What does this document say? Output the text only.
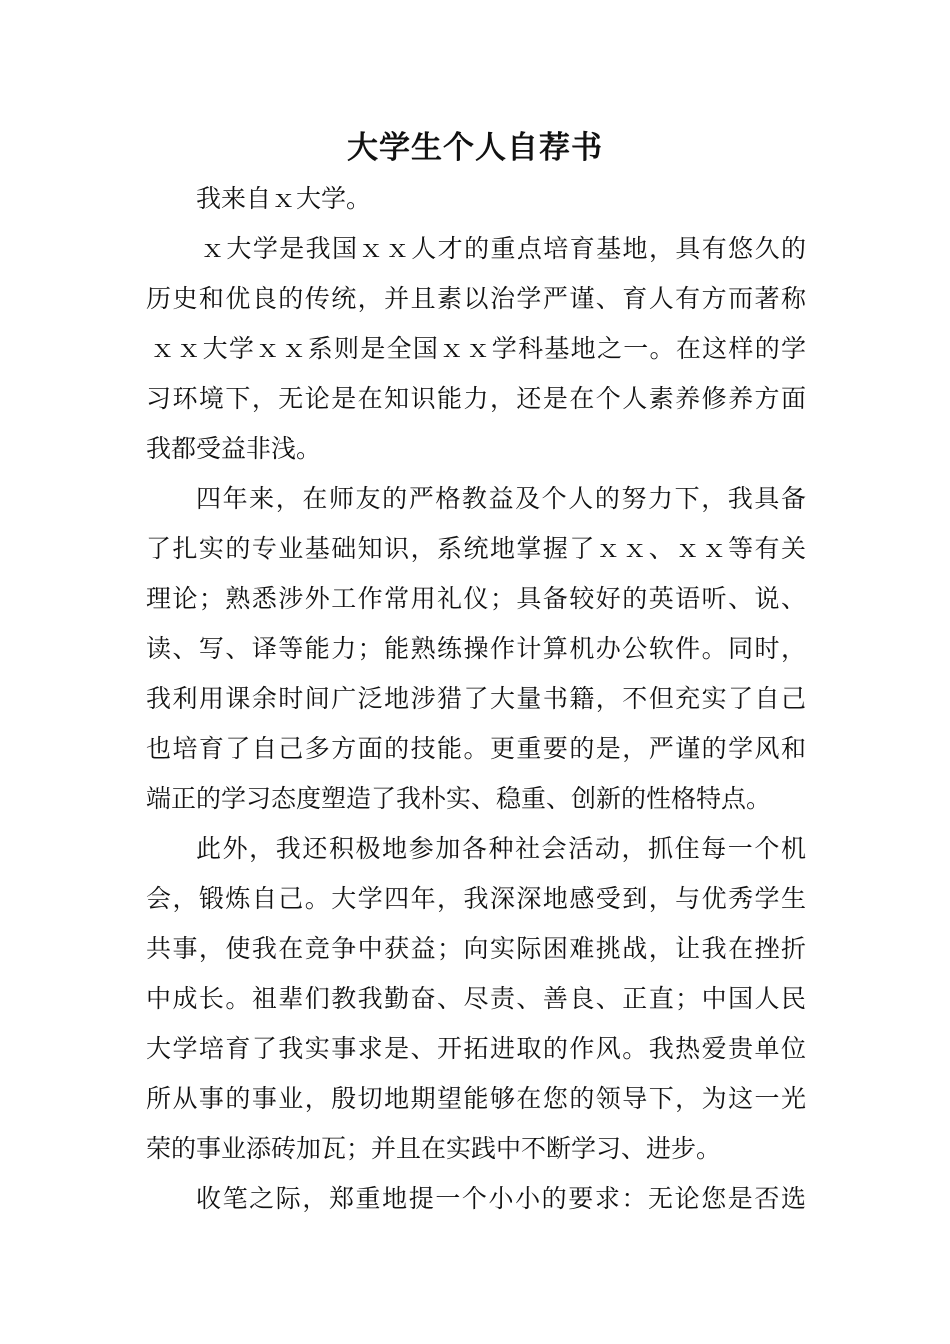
大学生个人自荐书

我来自ｘ大学。

ｘ大学是我国ｘｘ人才的重点培育基地，具有悠久的

历史和优良的传统，并且素以治学严谨、育人有方而著称

ｘｘ大学ｘｘ系则是全国ｘｘ学科基地之一。在这样的学

习环境下，无论是在知识能力，还是在个人素养修养方面

我都受益非浅。

四年来，在师友的严格教益及个人的努力下，我具备

了扎实的专业基础知识，系统地掌握了ｘｘ、ｘｘ等有关

理论；熟悉涉外工作常用礼仪；具备较好的英语听、说、

读、写、译等能力；能熟练操作计算机办公软件。同时，

我利用课余时间广泛地涉猎了大量书籍，不但充实了自己

也培育了自己多方面的技能。更重要的是，严谨的学风和

端正的学习态度塑造了我朴实、稳重、创新的性格特点。

此外，我还积极地参加各种社会活动，抓住每一个机

会，锻炼自己。大学四年，我深深地感受到，与优秀学生

共事，使我在竞争中获益；向实际困难挑战，让我在挫折

中成长。祖辈们教我勤奋、尽责、善良、正直；中国人民

大学培育了我实事求是、开拓进取的作风。我热爱贵单位

所从事的事业，殷切地期望能够在您的领导下，为这一光

荣的事业添砖加瓦；并且在实践中不断学习、进步。

收笔之际，郑重地提一个小小的要求：无论您是否选
